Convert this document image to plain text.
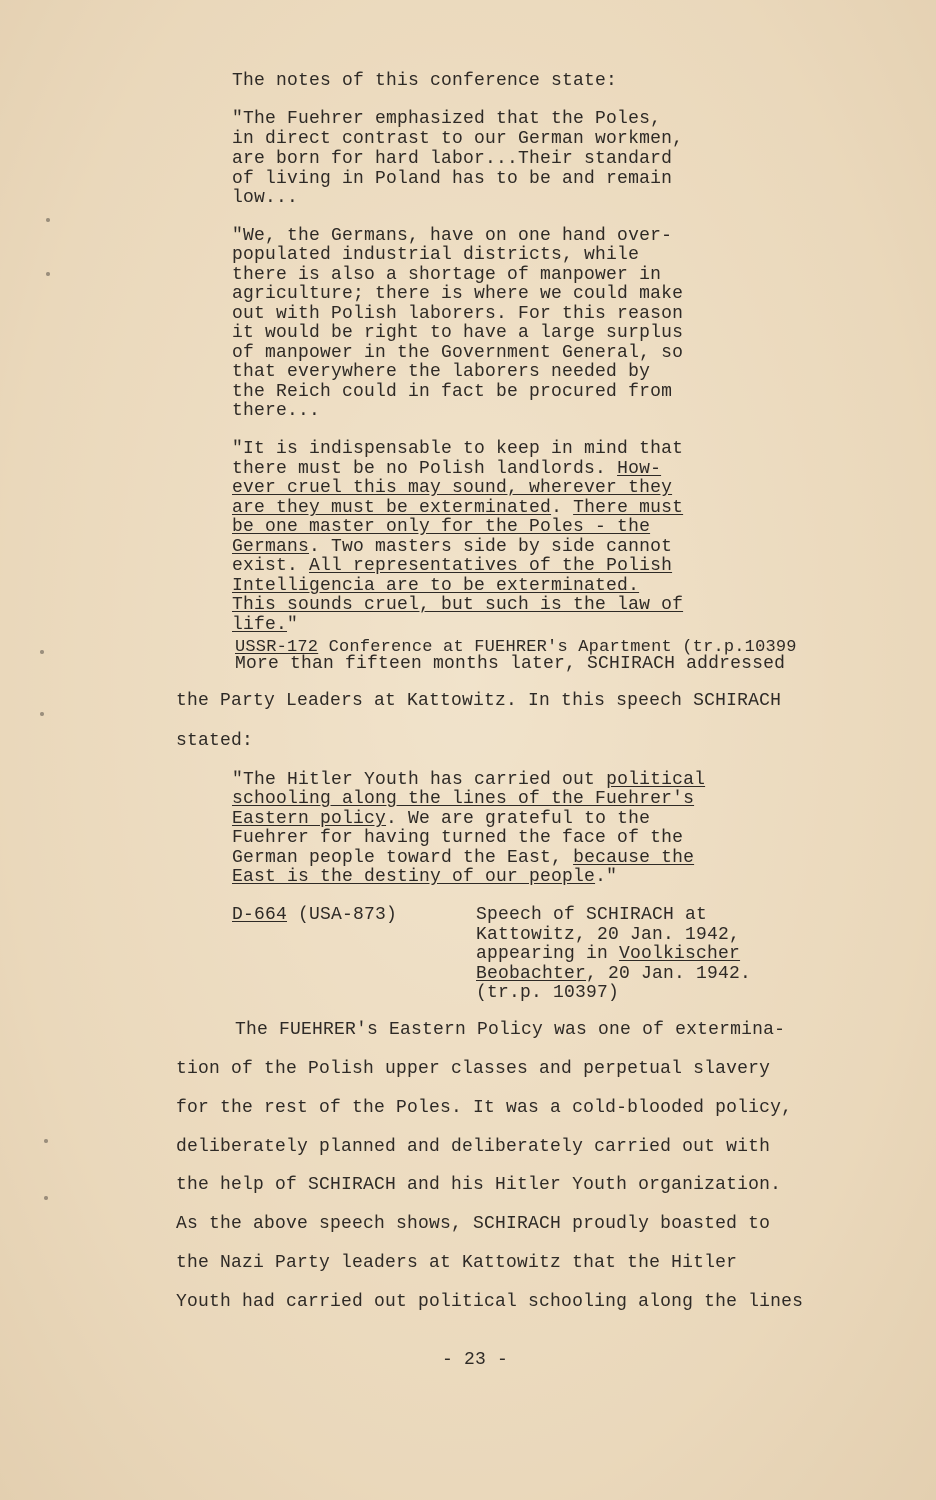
The notes of this conference state:
"The Fuehrer emphasized that the Poles,
in direct contrast to our German workmen,
are born for hard labor...Their standard
of living in Poland has to be and remain
low...
"We, the Germans, have on one hand over-
populated industrial districts, while
there is also a shortage of manpower in
agriculture; there is where we could make
out with Polish laborers. For this reason
it would be right to have a large surplus
of manpower in the Government General, so
that everywhere the laborers needed by
the Reich could in fact be procured from
there...
"It is indispensable to keep in mind that
there must be no Polish landlords. How-
ever cruel this may sound, wherever they
are they must be exterminated. There must
be one master only for the Poles - the
Germans. Two masters side by side cannot
exist. All representatives of the Polish
Intelligencia are to be exterminated.
This sounds cruel, but such is the law of
life."
USSR-172 Conference at FUEHRER's Apartment (tr.p.10399
More than fifteen months later, SCHIRACH addressed
the Party Leaders at Kattowitz. In this speech SCHIRACH
stated:
"The Hitler Youth has carried out political
schooling along the lines of the Fuehrer's
Eastern policy. We are grateful to the
Fuehrer for having turned the face of the
German people toward the East, because the
East is the destiny of our people."
D-664 (USA-873)	Speech of SCHIRACH at
Kattowitz, 20 Jan. 1942,
appearing in Voolkischer
Beobachter, 20 Jan. 1942.
(tr.p. 10397)
The FUEHRER's Eastern Policy was one of extermina-
tion of the Polish upper classes and perpetual slavery
for the rest of the Poles. It was a cold-blooded policy,
deliberately planned and deliberately carried out with
the help of SCHIRACH and his Hitler Youth organization.
As the above speech shows, SCHIRACH proudly boasted to
the Nazi Party leaders at Kattowitz that the Hitler
Youth had carried out political schooling along the lines
- 23 -
